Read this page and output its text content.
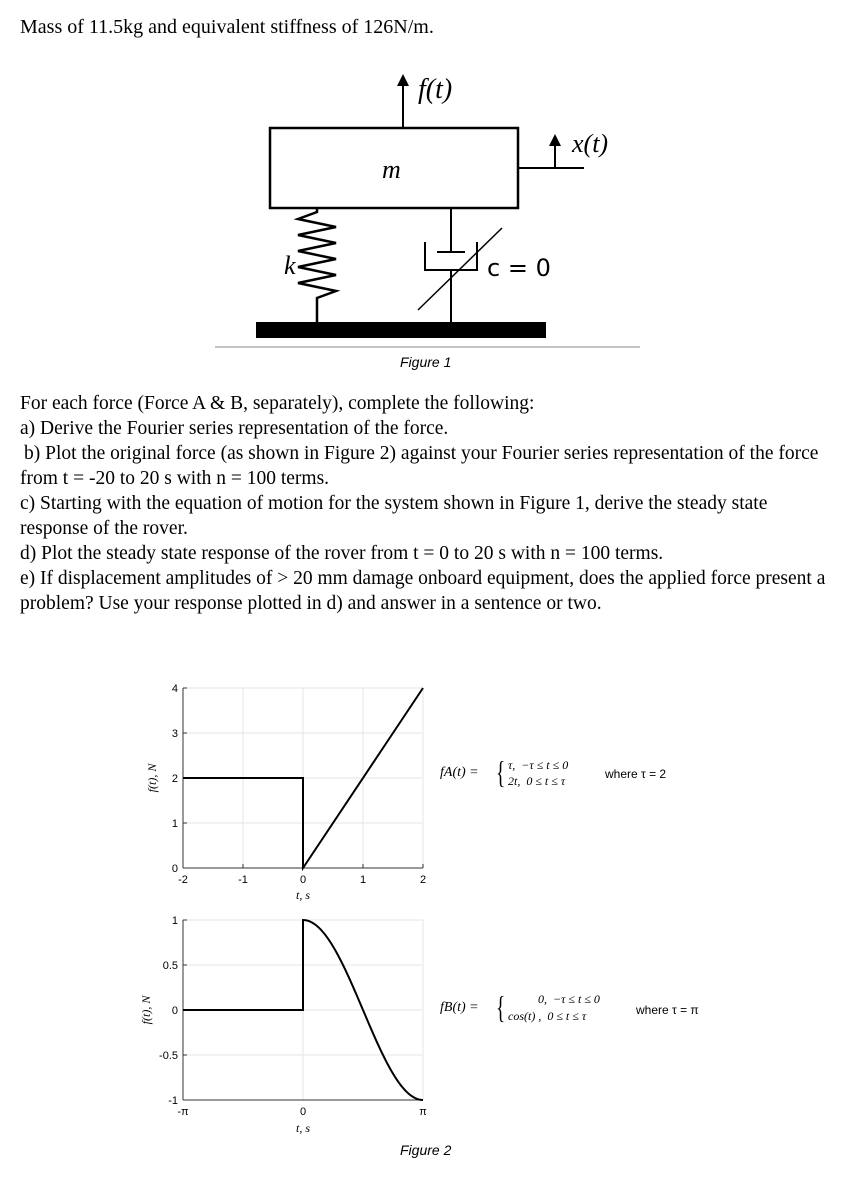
Mass of 11.5kg and equivalent stiffness of 126N/m.
f(t)
m
x(t)
k	c = 0
Figure 1

For each force (Force A & B, separately), complete the following:

a) Derive the Fourier series representation of the force.

b) Plot the original force (as shown in Figure 2) against your Fourier series representation of the force from t = -20 to 20 s with n = 100 terms.

c) Starting with the equation of motion for the system shown in Figure 1, derive the steady state response of the rover.

d) Plot the steady state response of the rover from t = 0 to 20 s with n = 100 terms.

e) If displacement amplitudes of > 20 mm damage onboard equipment, does the applied force present a problem? Use your response plotted in d) and answer in a sentence or two.

-2	-1	0	1	2
0
1
2
3
4
t, s
f(t), N
-π	0	π
-1
-0.5
0
0.5
1
t, s
f(t), N
fA(t) = { τ,  −τ ≤ t ≤ 0
2t,  0 ≤ t ≤ τ	where τ = 2
fB(t) = {	0,  −τ ≤ t ≤ 0
cos(t) ,  0 ≤ t ≤ τ	where τ = π
Figure 2
